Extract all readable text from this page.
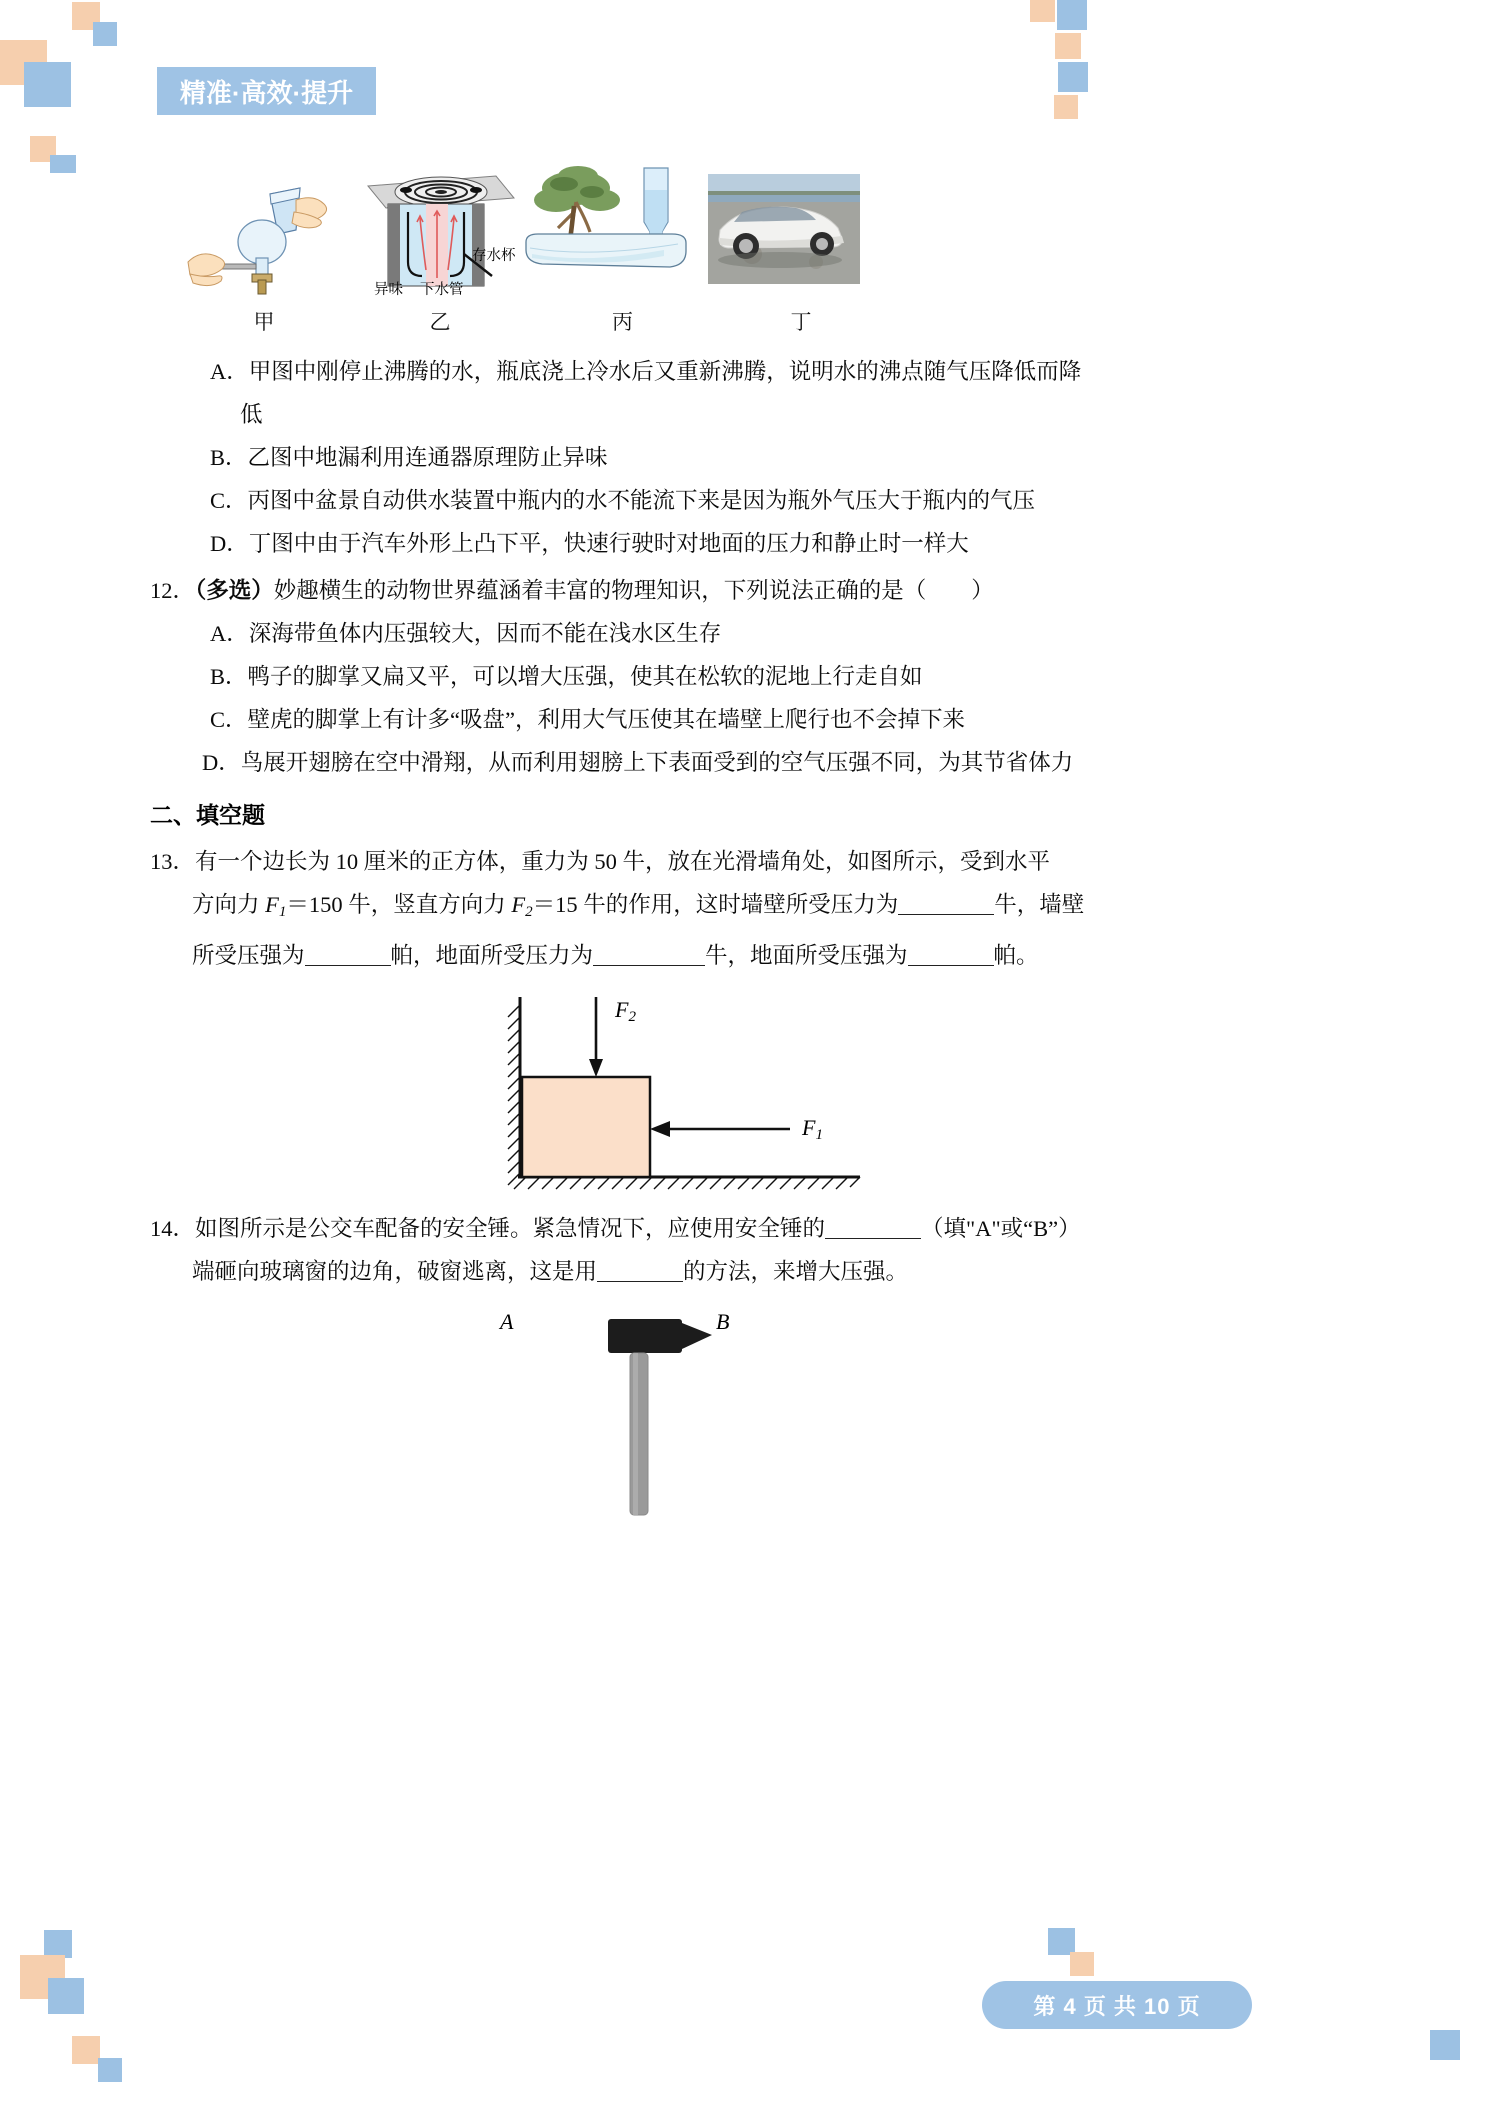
精准·高效·提升
存水杯
异味 下水管
甲	乙	丙	丁
A．甲图中刚停止沸腾的水，瓶底浇上冷水后又重新沸腾，说明水的沸点随气压降低而降
低
B．乙图中地漏利用连通器原理防止异味
C．丙图中盆景自动供水装置中瓶内的水不能流下来是因为瓶外气压大于瓶内的气压
D．丁图中由于汽车外形上凸下平，快速行驶时对地面的压力和静止时一样大
12．（多选）妙趣横生的动物世界蕴涵着丰富的物理知识，下列说法正确的是（　　）
A．深海带鱼体内压强较大，因而不能在浅水区生存
B．鸭子的脚掌又扁又平，可以增大压强，使其在松软的泥地上行走自如
C．壁虎的脚掌上有计多“吸盘”，利用大气压使其在墙壁上爬行也不会掉下来
D．鸟展开翅膀在空中滑翔，从而利用翅膀上下表面受到的空气压强不同，为其节省体力
二、填空题
13．有一个边长为 10 厘米的正方体，重力为 50 牛，放在光滑墙角处，如图所示，受到水平
方向力 $F_1=150$ 牛，竖直方向力 $F_2=15$ 牛的作用，这时墙壁所受压力为	牛，墙壁
所受压强为	帕，地面所受压力为	牛，地面所受压强为	帕。
$F_2$
$F_1$
14．如图所示是公交车配备的安全锤。紧急情况下，应使用安全锤的	（填"A"或“B”）
端砸向玻璃窗的边角，破窗逃离，这是用	的方法，来增大压强。
A	B
第 4 页 共 10 页
